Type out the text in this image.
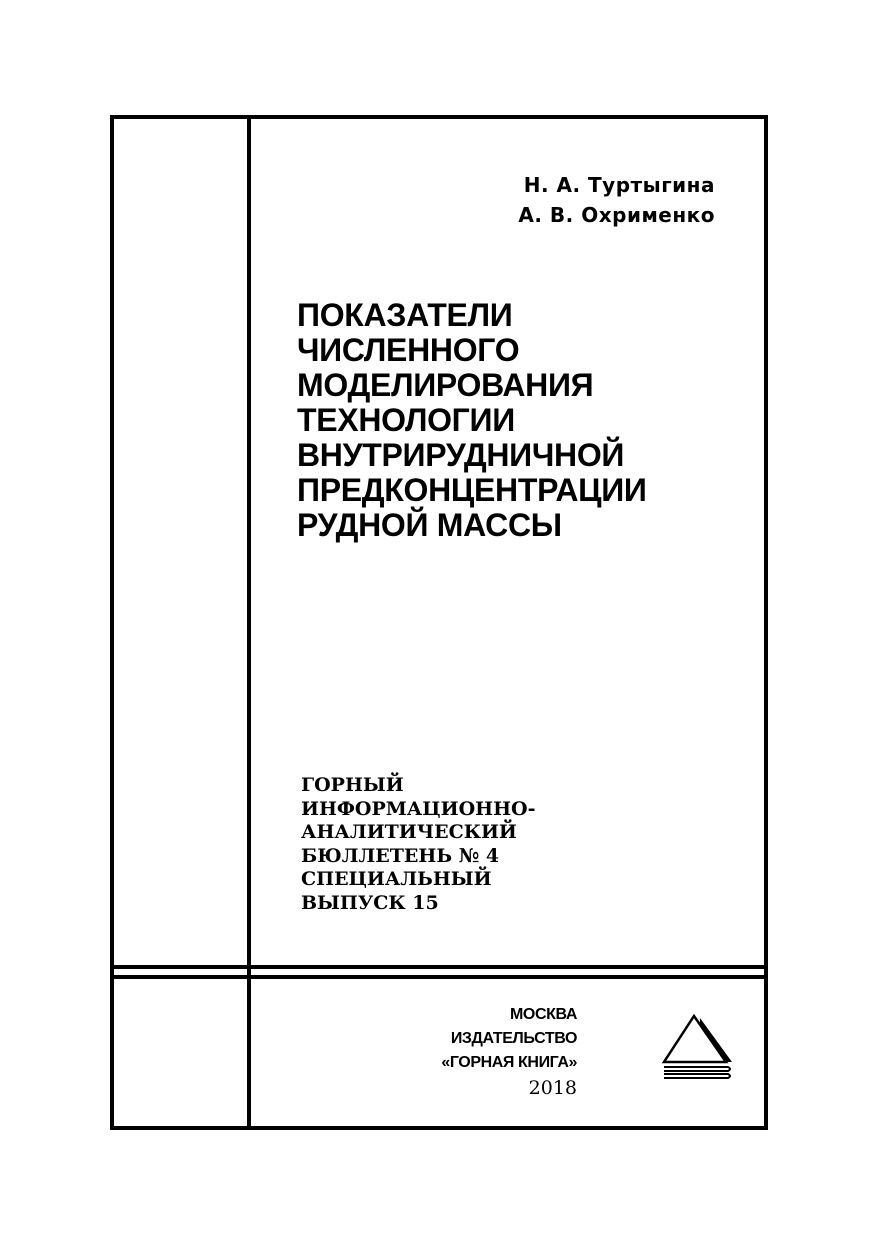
Н. А. Туртыгина
А. В. Охрименко
ПОКАЗАТЕЛИ
ЧИСЛЕННОГО
МОДЕЛИРОВАНИЯ
ТЕХНОЛОГИИ
ВНУТРИРУДНИЧНОЙ
ПРЕДКОНЦЕНТРАЦИИ
РУДНОЙ МАССЫ
ГОРНЫЙ
ИНФОРМАЦИОННО-
АНАЛИТИЧЕСКИЙ
БЮЛЛЕТЕНЬ № 4
СПЕЦИАЛЬНЫЙ
ВЫПУСК 15
МОСКВА
ИЗДАТЕЛЬСТВО
«ГОРНАЯ КНИГА»
2018
